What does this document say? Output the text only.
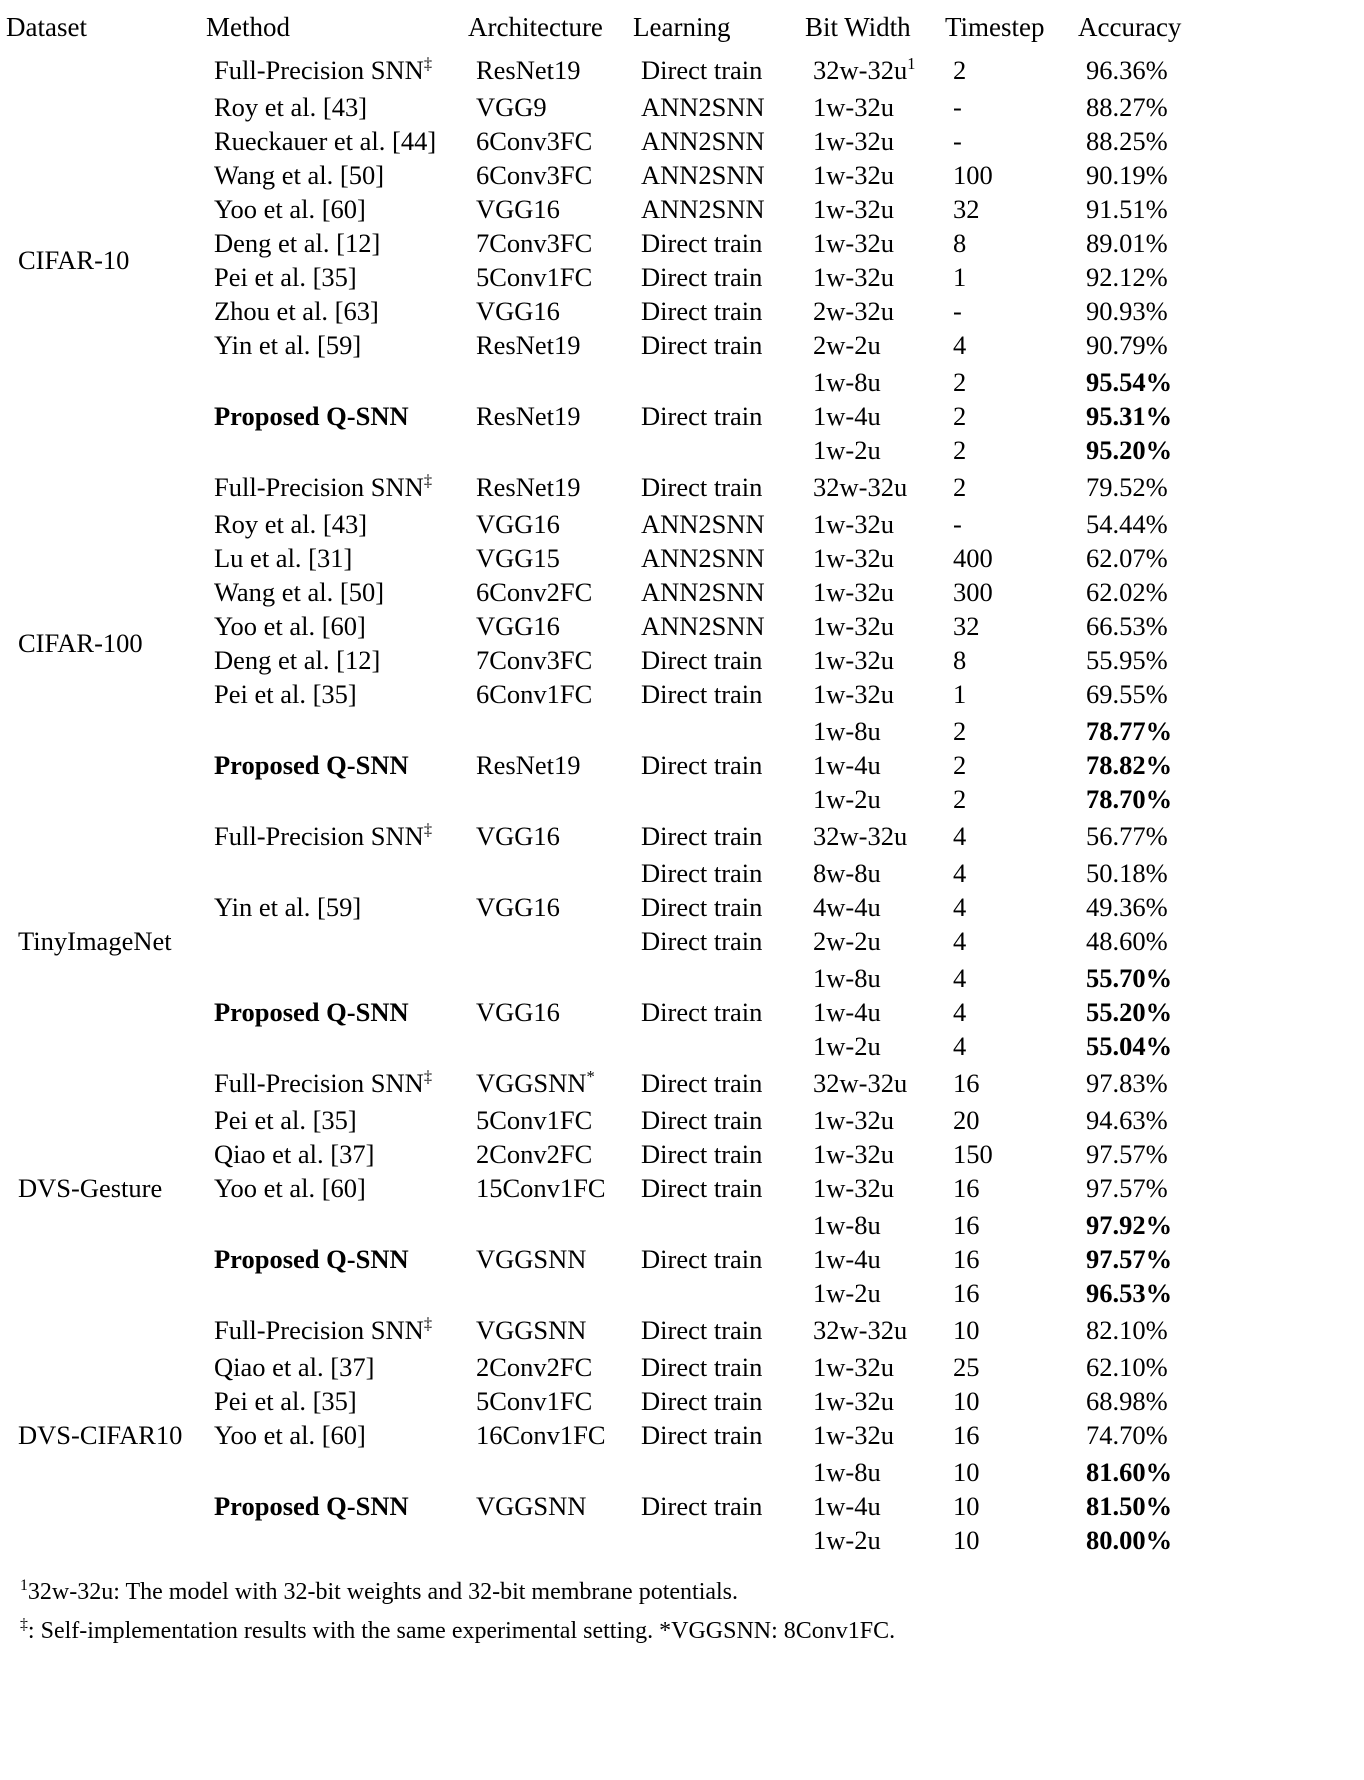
Dataset	Method	Architecture	Learning	Bit Width	Timestep	Accuracy

CIFAR-10	Full-Precision SNN‡	ResNet19	Direct train	$32w-32u^1$	2	96.36%

	Roy et al. [43]	VGG9	ANN2SNN	1w-32u	-	88.27%

	Rueckauer et al. [44]	6Conv3FC	ANN2SNN	1w-32u	-	88.25%

	Wang et al. [50]	6Conv3FC	ANN2SNN	1w-32u	100	90.19%

	Yoo et al. [60]	VGG16	ANN2SNN	1w-32u	32	91.51%

	Deng et al. [12]	7Conv3FC	Direct train	1w-32u	8	89.01%

	Pei et al. [35]	5Conv1FC	Direct train	1w-32u	1	92.12%

	Zhou et al. [63]	VGG16	Direct train	2w-32u	-	90.93%

	Yin et al. [59]	ResNet19	Direct train	2w-2u	4	90.79%

				1w-8u	2	95.54%

	Proposed Q-SNN	ResNet19	Direct train	1w-4u	2	95.31%

				1w-2u	2	95.20%

CIFAR-100	Full-Precision SNN‡	ResNet19	Direct train	32w-32u	2	79.52%

	Roy et al. [43]	VGG16	ANN2SNN	1w-32u	-	54.44%

	Lu et al. [31]	VGG15	ANN2SNN	1w-32u	400	62.07%

	Wang et al. [50]	6Conv2FC	ANN2SNN	1w-32u	300	62.02%

	Yoo et al. [60]	VGG16	ANN2SNN	1w-32u	32	66.53%

	Deng et al. [12]	7Conv3FC	Direct train	1w-32u	8	55.95%

	Pei et al. [35]	6Conv1FC	Direct train	1w-32u	1	69.55%

				1w-8u	2	78.77%

	Proposed Q-SNN	ResNet19	Direct train	1w-4u	2	78.82%

				1w-2u	2	78.70%

TinyImageNet	Full-Precision SNN‡	VGG16	Direct train	32w-32u	4	56.77%

			Direct train	8w-8u	4	50.18%

	Yin et al. [59]	VGG16	Direct train	4w-4u	4	49.36%

			Direct train	2w-2u	4	48.60%

				1w-8u	4	55.70%

	Proposed Q-SNN	VGG16	Direct train	1w-4u	4	55.20%

				1w-2u	4	55.04%

DVS-Gesture	Full-Precision SNN‡	VGGSNN*	Direct train	32w-32u	16	97.83%

	Pei et al. [35]	5Conv1FC	Direct train	1w-32u	20	94.63%

	Qiao et al. [37]	2Conv2FC	Direct train	1w-32u	150	97.57%

	Yoo et al. [60]	15Conv1FC	Direct train	1w-32u	16	97.57%

				1w-8u	16	97.92%

	Proposed Q-SNN	VGGSNN	Direct train	1w-4u	16	97.57%

				1w-2u	16	96.53%

DVS-CIFAR10	Full-Precision SNN‡	VGGSNN	Direct train	32w-32u	10	82.10%

	Qiao et al. [37]	2Conv2FC	Direct train	1w-32u	25	62.10%

	Pei et al. [35]	5Conv1FC	Direct train	1w-32u	10	68.98%

	Yoo et al. [60]	16Conv1FC	Direct train	1w-32u	16	74.70%

				1w-8u	10	81.60%

	Proposed Q-SNN	VGGSNN	Direct train	1w-4u	10	81.50%

				1w-2u	10	80.00%

$^1$32w-32u: The model with 32-bit weights and 32-bit membrane potentials.
‡: Self-implementation results with the same experimental setting. *VGGSNN: 8Conv1FC.
